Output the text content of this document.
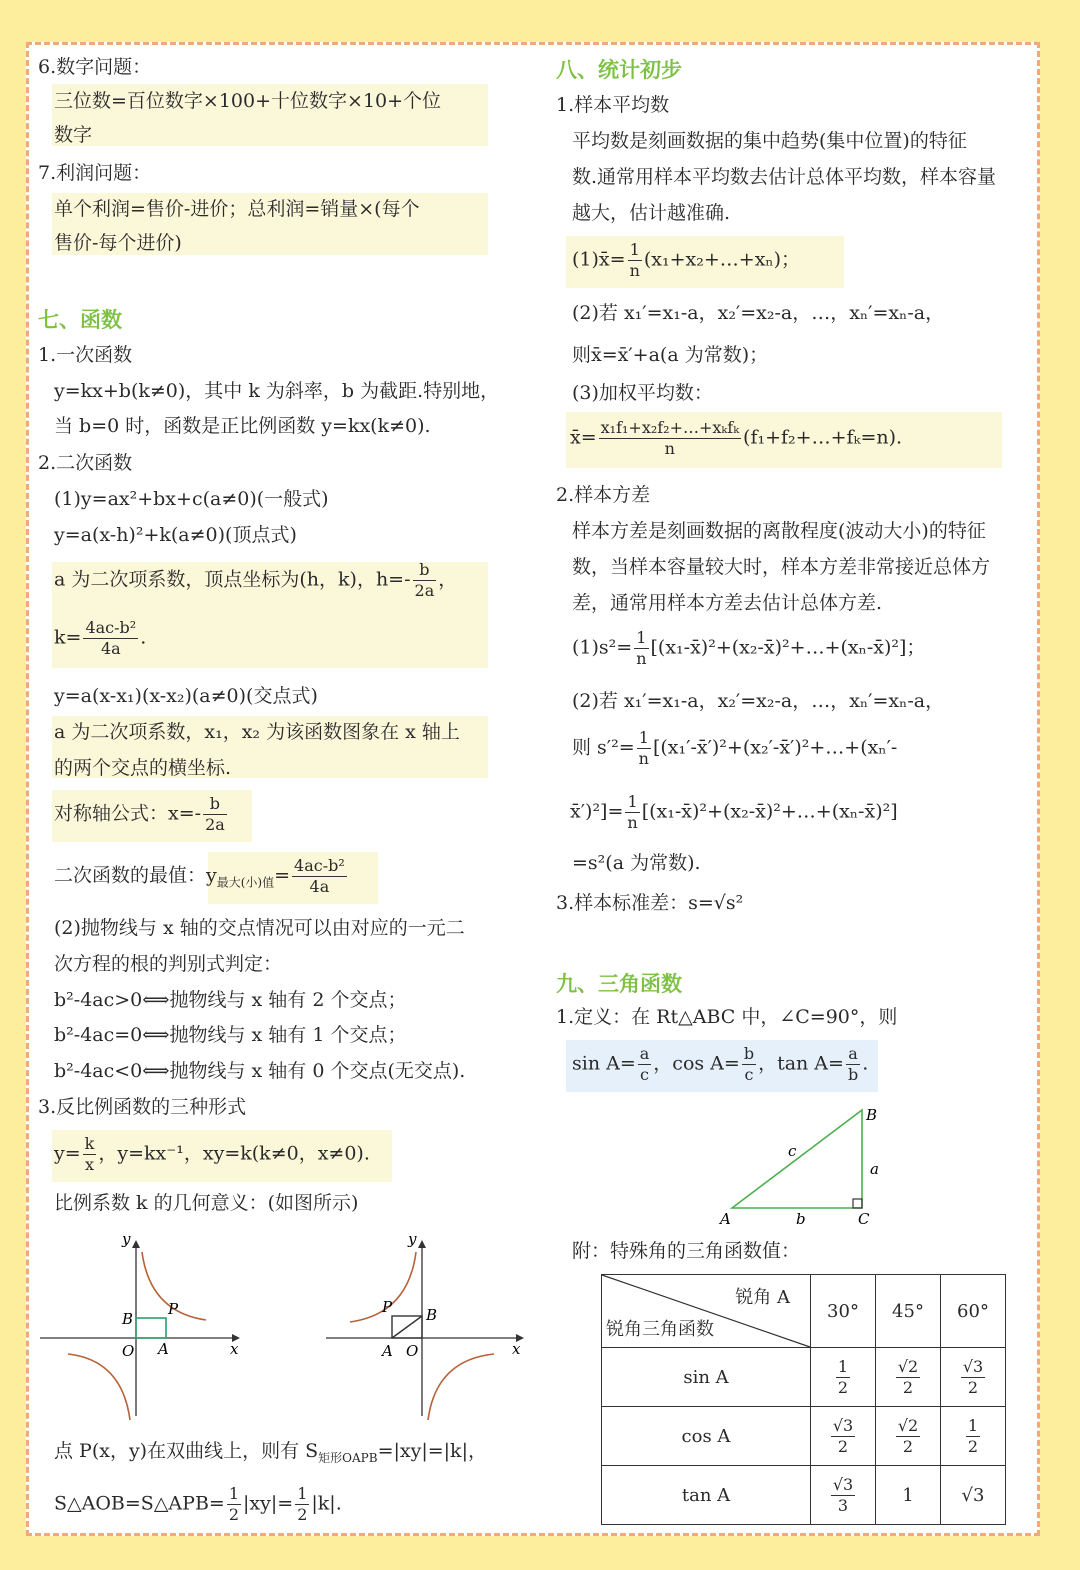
6.数字问题：
三位数=百位数字×100+十位数字×10+个位
数字
7.利润问题：
单个利润=售价-进价；总利润=销量×(每个
售价-每个进价)
七、函数
1.一次函数
y=kx+b(k≠0)，其中 k 为斜率，b 为截距.特别地，
当 b=0 时，函数是正比例函数 y=kx(k≠0).
2.二次函数
(1)y=ax²+bx+c(a≠0)(一般式)
y=a(x-h)²+k(a≠0)(顶点式)
a 为二次项系数，顶点坐标为(h，k)，$h=- \frac{b}{2a}$ ，
$k= \frac{\text{4ac-b²}}{4a}$ .
y=a(x-x₁)(x-x₂)(a≠0)(交点式)
a 为二次项系数，x₁，x₂ 为该函数图象在 x 轴上
的两个交点的横坐标.
对称轴公式：$x=- \frac{b}{2a}$
二次函数的最值：$y_{最大(小)值}= \frac{\text{4ac-b²}}{4a}$
(2)抛物线与 x 轴的交点情况可以由对应的一元二
次方程的根的判别式判定：
b²-4ac>0⟺抛物线与 x 轴有 2 个交点；
b²-4ac=0⟺抛物线与 x 轴有 1 个交点；
b²-4ac<0⟺抛物线与 x 轴有 0 个交点(无交点).
3.反比例函数的三种形式
$y= \frac{k}{x}$ ，y=kx⁻¹，xy=k(k≠0，x≠0).
比例系数 k 的几何意义：(如图所示)
y
x
B
P
A
O
y
x
P B
A O
点 P(x，y)在双曲线上，则有 $S_{矩形OAPB}=|xy|=|k|$，
S△AOB=S△APB= $\frac{1}{2} |xy|= \frac{1}{2} |k|$.
八、统计初步
1.样本平均数
平均数是刻画数据的集中趋势(集中位置)的特征
数.通常用样本平均数去估计总体平均数，样本容量
越大，估计越准确.
(1)x̄= $\frac{1}{n}$ (x₁+x₂+…+xₙ)；
(2)若 x₁′=x₁-a，x₂′=x₂-a，…，xₙ′=xₙ-a，
则x̄=x̄′+a(a 为常数)；
(3)加权平均数：
x̄= $\frac{\text{x₁f₁+x₂f₂+…+xₖfₖ}}{n}$ (f₁+f₂+…+fₖ=n).
2.样本方差
样本方差是刻画数据的离散程度(波动大小)的特征
数，当样本容量较大时，样本方差非常接近总体方
差，通常用样本方差去估计总体方差.
$(1)s^2= \frac{1}{n}$ [(x₁-x̄)²+(x₂-x̄)²+…+(xₙ-x̄)²]；
(2)若 x₁′=x₁-a，x₂′=x₂-a，…，xₙ′=xₙ-a，
则 $s'^2= \frac{1}{n}$ [(x₁′-x̄′)²+(x₂′-x̄′)²+…+(xₙ′-
x̄′)²]= $\frac{1}{n}$ [(x₁-x̄)²+(x₂-x̄)²+…+(xₙ-x̄)²]
=s²(a 为常数).
3.样本标准差：s=√s²
九、三角函数
1.定义：在 Rt△ABC 中，∠C=90°，则
$\sin A= \frac{a}{c}$ ，$\cos A= \frac{b}{c}$ ，$\tan A= \frac{a}{b}$ .
A
B
C
a
b
c
附：特殊角的三角函数值：
锐角 A
锐角三角函数	30°	45°	60°
sin A	$\frac{1}{2}$	$\frac{√2}{2}$	$\frac{√3}{2}$

cos A	$\frac{√3}{2}$	$\frac{√2}{2}$	$\frac{1}{2}$

tan A	$\frac{√3}{3}$	1	√3
